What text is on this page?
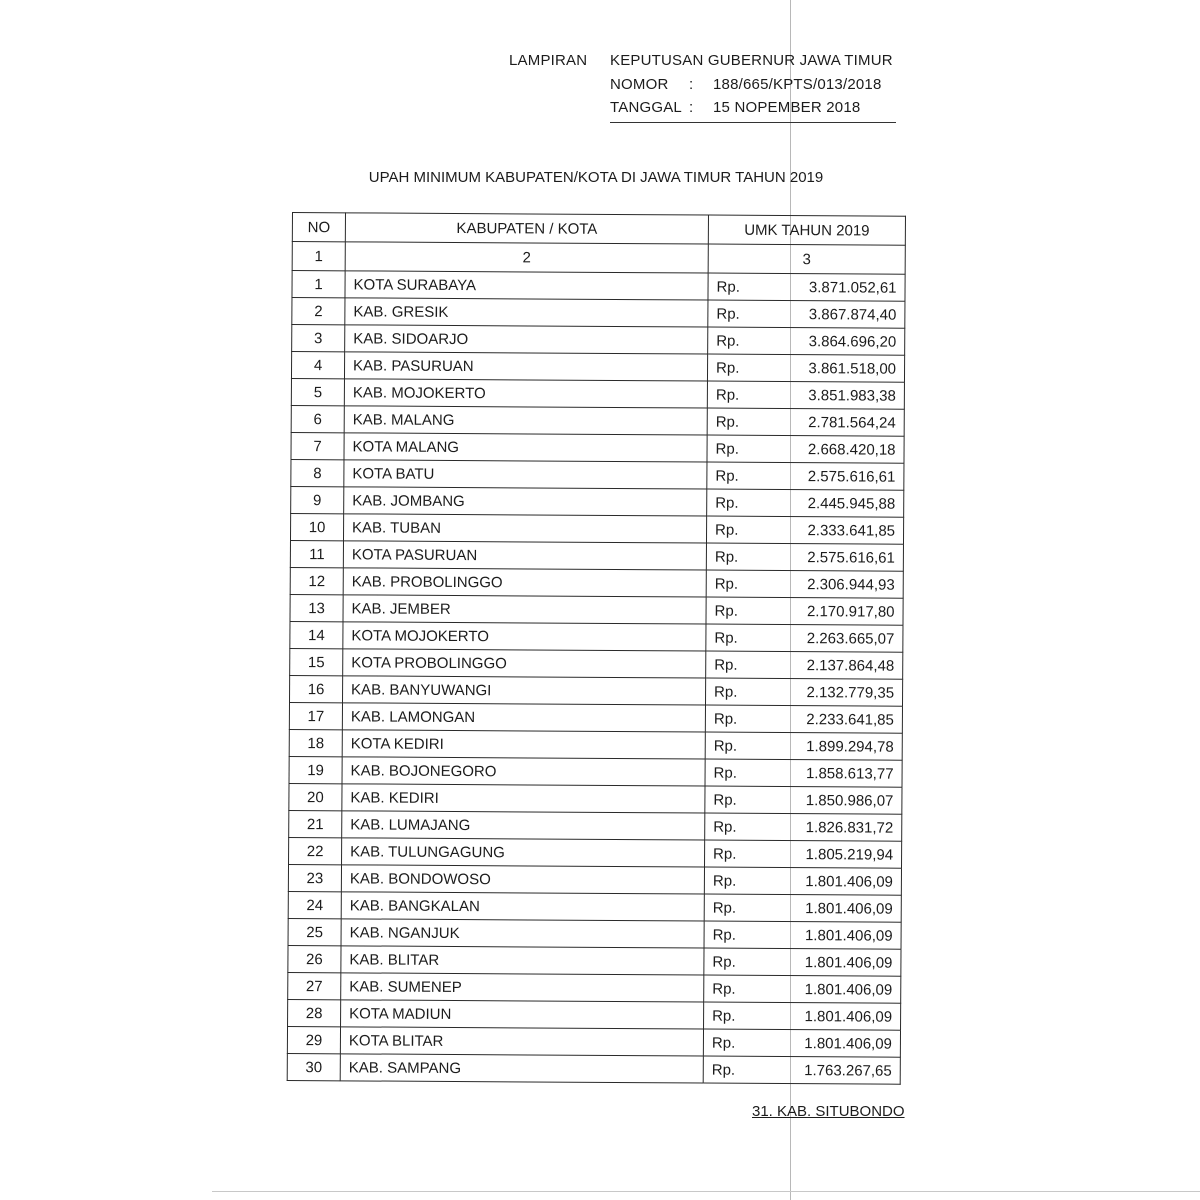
LAMPIRAN KEPUTUSAN GUBERNUR JAWA TIMUR
NOMOR : 188/665/KPTS/013/2018
TANGGAL : 15 NOPEMBER 2018
UPAH MINIMUM KABUPATEN/KOTA DI JAWA TIMUR TAHUN 2019
NO	KABUPATEN / KOTA	UMK TAHUN 2019
1	2	3
1	KOTA SURABAYA	Rp. 3.871.052,61

2	KAB. GRESIK	Rp. 3.867.874,40

3	KAB. SIDOARJO	Rp. 3.864.696,20

4	KAB. PASURUAN	Rp. 3.861.518,00

5	KAB. MOJOKERTO	Rp. 3.851.983,38

6	KAB. MALANG	Rp. 2.781.564,24

7	KOTA MALANG	Rp. 2.668.420,18

8	KOTA BATU	Rp. 2.575.616,61

9	KAB. JOMBANG	Rp. 2.445.945,88

10	KAB. TUBAN	Rp. 2.333.641,85

11	KOTA PASURUAN	Rp. 2.575.616,61

12	KAB. PROBOLINGGO	Rp. 2.306.944,93

13	KAB. JEMBER	Rp. 2.170.917,80

14	KOTA MOJOKERTO	Rp. 2.263.665,07

15	KOTA PROBOLINGGO	Rp. 2.137.864,48

16	KAB. BANYUWANGI	Rp. 2.132.779,35

17	KAB. LAMONGAN	Rp. 2.233.641,85

18	KOTA KEDIRI	Rp. 1.899.294,78

19	KAB. BOJONEGORO	Rp. 1.858.613,77

20	KAB. KEDIRI	Rp. 1.850.986,07

21	KAB. LUMAJANG	Rp. 1.826.831,72

22	KAB. TULUNGAGUNG	Rp. 1.805.219,94

23	KAB. BONDOWOSO	Rp. 1.801.406,09

24	KAB. BANGKALAN	Rp. 1.801.406,09

25	KAB. NGANJUK	Rp. 1.801.406,09

26	KAB. BLITAR	Rp. 1.801.406,09

27	KAB. SUMENEP	Rp. 1.801.406,09

28	KOTA MADIUN	Rp. 1.801.406,09

29	KOTA BLITAR	Rp. 1.801.406,09

30	KAB. SAMPANG	Rp. 1.763.267,65
31. KAB. SITUBONDO
